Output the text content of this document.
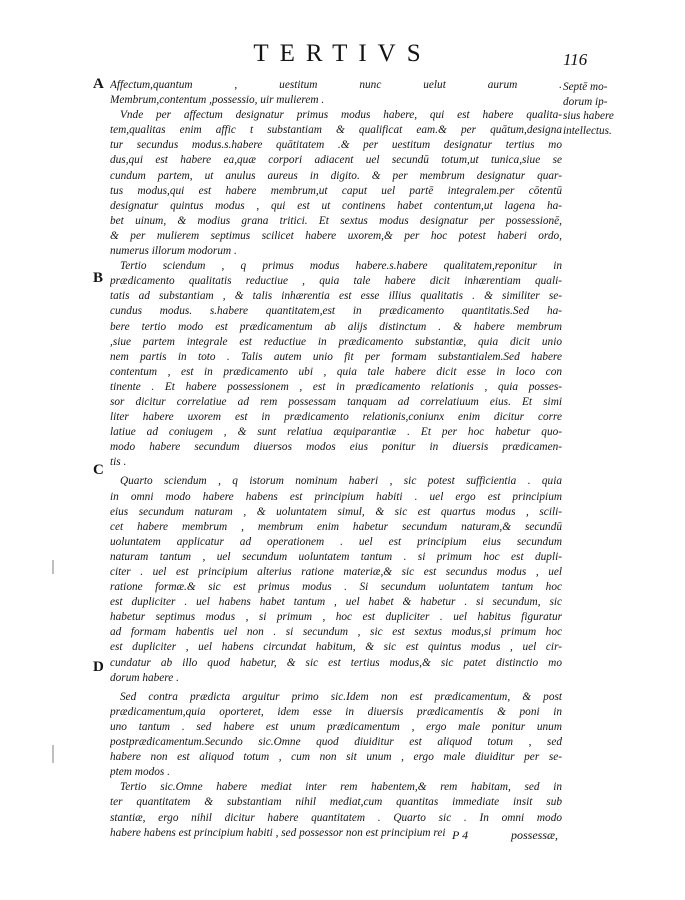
TERTIVS	116
Septē mo-
dorum ip-
sius habere
intellectus.
A
B
C
D
Affectum,quantum , uestitum nunc uelut aurum .
Membrum,contentum ,possessio, uir mulierem .
Vnde per affectum designatur primus modus habere, qui est habere qualita-
tem,qualitas enim affic t substantiam & qualificat eam.& per quātum,designa
tur secundus modus.s.habere quātitatem .& per uestitum designatur tertius mo
dus,qui est habere ea,quæ corpori adiacent uel secundū totum,ut tunica,siue se
cundum partem, ut anulus aureus in digito. & per membrum designatur quar-
tus modus,qui est habere membrum,ut caput uel partē integralem.per cōtentū
designatur quintus modus , qui est ut continens habet contentum,ut lagena ha-
bet uinum, & modius grana tritici. Et sextus modus designatur per possessionē,
& per mulierem septimus scilicet habere uxorem,& per hoc potest haberi ordo,
numerus illorum modorum .
Tertio sciendum , q primus modus habere.s.habere qualitatem,reponitur in
prædicamento qualitatis reductiue , quia tale habere dicit inhærentiam quali-
tatis ad substantiam , & talis inhærentia est esse illius qualitatis . & similiter se-
cundus modus. s.habere quantitatem,est in prædicamento quantitatis.Sed ha-
bere tertio modo est prædicamentum ab alijs distinctum . & habere membrum
,siue partem integrale est reductiue in prædicamento substantiæ, quia dicit unio
nem partis in toto . Talis autem unio fit per formam substantialem.Sed habere
contentum , est in prædicamento ubi , quia tale habere dicit esse in loco con
tinente . Et habere possessionem , est in prædicamento relationis , quia posses-
sor dicitur correlatiue ad rem possessam tanquam ad correlatiuum eius. Et simi
liter habere uxorem est in prædicamento relationis,coniunx enim dicitur corre
latiue ad coniugem , & sunt relatiua æquiparantiæ . Et per hoc habetur quo-
modo habere secundum diuersos modos eius ponitur in diuersis prædicamen-
tis .
Quarto sciendum , q istorum nominum haberi , sic potest sufficientia . quia
in omni modo habere habens est principium habiti . uel ergo est principium
eius secundum naturam , & uoluntatem simul, & sic est quartus modus , scili-
cet habere membrum , membrum enim habetur secundum naturam,& secundū
uoluntatem applicatur ad operationem . uel est principium eius secundum
naturam tantum , uel secundum uoluntatem tantum . si primum hoc est dupli-
citer . uel est principium alterius ratione materiæ,& sic est secundus modus , uel
ratione formæ.& sic est primus modus . Si secundum uoluntatem tantum hoc
est dupliciter . uel habens habet tantum , uel habet & habetur . si secundum, sic
habetur septimus modus , si primum , hoc est dupliciter . uel habitus figuratur
ad formam habentis uel non . si secundum , sic est sextus modus,si primum hoc
est dupliciter , uel habens circundat habitum, & sic est quintus modus , uel cir-
cundatur ab illo quod habetur, & sic est tertius modus,& sic patet distinctio mo
dorum habere .
Sed contra prædicta arguitur primo sic.Idem non est prædicamentum, & post
prædicamentum,quia oporteret, idem esse in diuersis prædicamentis & poni in
uno tantum . sed habere est unum prædicamentum , ergo male ponitur unum
postprædicamentum.Secundo sic.Omne quod diuiditur est aliquod totum , sed
habere non est aliquod totum , cum non sit unum , ergo male diuiditur per se-
ptem modos .
Tertio sic.Omne habere mediat inter rem habentem,& rem habitam, sed in
ter quantitatem & substantiam nihil mediat,cum quantitas immediate insit sub
stantiæ, ergo nihil dicitur habere quantitatem . Quarto sic . In omni modo
habere habens est principium habiti , sed possessor non est principium rei P 4	possessæ,
